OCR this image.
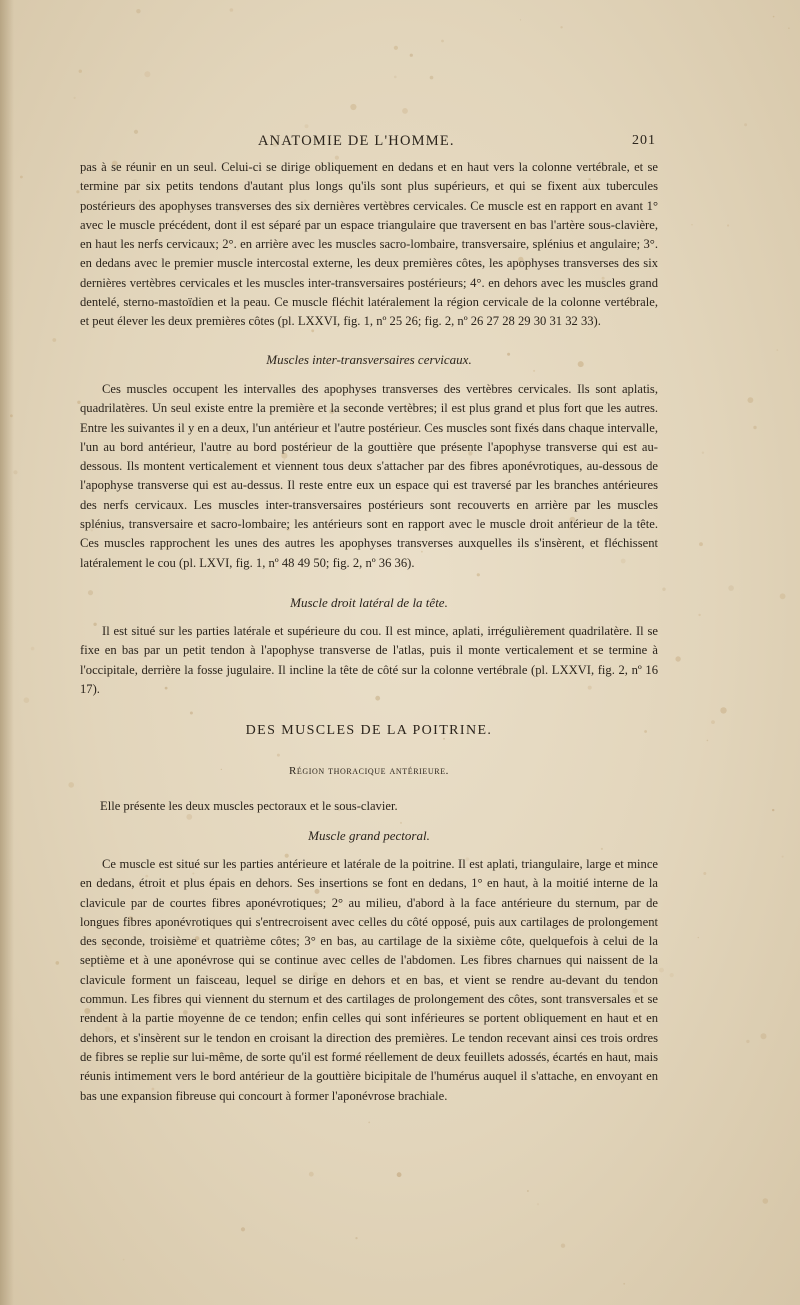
ANATOMIE DE L'HOMME.	201

pas à se réunir en un seul. Celui-ci se dirige obliquement en dedans et en haut vers la colonne vertébrale, et se termine par six petits tendons d'autant plus longs qu'ils sont plus supérieurs, et qui se fixent aux tubercules postérieurs des apophyses transverses des six dernières vertèbres cervicales. Ce muscle est en rapport en avant 1° avec le muscle précédent, dont il est séparé par un espace triangulaire que traversent en bas l'artère sous-clavière, en haut les nerfs cervicaux; 2°. en arrière avec les muscles sacro-lombaire, transversaire, splénius et angulaire; 3°. en dedans avec le premier muscle intercostal externe, les deux premières côtes, les apophyses transverses des six dernières vertèbres cervicales et les muscles inter-transversaires postérieurs; 4°. en dehors avec les muscles grand dentelé, sterno-mastoïdien et la peau. Ce muscle fléchit latéralement la région cervicale de la colonne vertébrale, et peut élever les deux premières côtes (pl. LXXVI, fig. 1, nº 25 26; fig. 2, nº 26 27 28 29 30 31 32 33).

Muscles inter-transversaires cervicaux.

Ces muscles occupent les intervalles des apophyses transverses des vertèbres cervicales. Ils sont aplatis, quadrilatères. Un seul existe entre la première et la seconde vertèbres; il est plus grand et plus fort que les autres. Entre les suivantes il y en a deux, l'un antérieur et l'autre postérieur. Ces muscles sont fixés dans chaque intervalle, l'un au bord antérieur, l'autre au bord postérieur de la gouttière que présente l'apophyse transverse qui est au-dessous. Ils montent verticalement et viennent tous deux s'attacher par des fibres aponévrotiques, au-dessous de l'apophyse transverse qui est au-dessus. Il reste entre eux un espace qui est traversé par les branches antérieures des nerfs cervicaux. Les muscles inter-transversaires postérieurs sont recouverts en arrière par les muscles splénius, transversaire et sacro-lombaire; les antérieurs sont en rapport avec le muscle droit antérieur de la tête. Ces muscles rapprochent les unes des autres les apophyses transverses auxquelles ils s'insèrent, et fléchissent latéralement le cou (pl. LXVI, fig. 1, nº 48 49 50; fig. 2, nº 36 36).

Muscle droit latéral de la tête.

Il est situé sur les parties latérale et supérieure du cou. Il est mince, aplati, irrégulièrement quadrilatère. Il se fixe en bas par un petit tendon à l'apophyse transverse de l'atlas, puis il monte verticalement et se termine à l'occipitale, derrière la fosse jugulaire. Il incline la tête de côté sur la colonne vertébrale (pl. LXXVI, fig. 2, nº 16 17).

DES MUSCLES DE LA POITRINE.

Région thoracique antérieure.

Elle présente les deux muscles pectoraux et le sous-clavier.

Muscle grand pectoral.

Ce muscle est situé sur les parties antérieure et latérale de la poitrine. Il est aplati, triangulaire, large et mince en dedans, étroit et plus épais en dehors. Ses insertions se font en dedans, 1° en haut, à la moitié interne de la clavicule par de courtes fibres aponévrotiques; 2° au milieu, d'abord à la face antérieure du sternum, par de longues fibres aponévrotiques qui s'entrecroisent avec celles du côté opposé, puis aux cartilages de prolongement des seconde, troisième et quatrième côtes; 3° en bas, au cartilage de la sixième côte, quelquefois à celui de la septième et à une aponévrose qui se continue avec celles de l'abdomen. Les fibres charnues qui naissent de la clavicule forment un faisceau, lequel se dirige en dehors et en bas, et vient se rendre au-devant du tendon commun. Les fibres qui viennent du sternum et des cartilages de prolongement des côtes, sont transversales et se rendent à la partie moyenne de ce tendon; enfin celles qui sont inférieures se portent obliquement en haut et en dehors, et s'insèrent sur le tendon en croisant la direction des premières. Le tendon recevant ainsi ces trois ordres de fibres se replie sur lui-même, de sorte qu'il est formé réellement de deux feuillets adossés, écartés en haut, mais réunis intimement vers le bord antérieur de la gouttière bicipitale de l'humérus auquel il s'attache, en envoyant en bas une expansion fibreuse qui concourt à former l'aponévrose brachiale.
